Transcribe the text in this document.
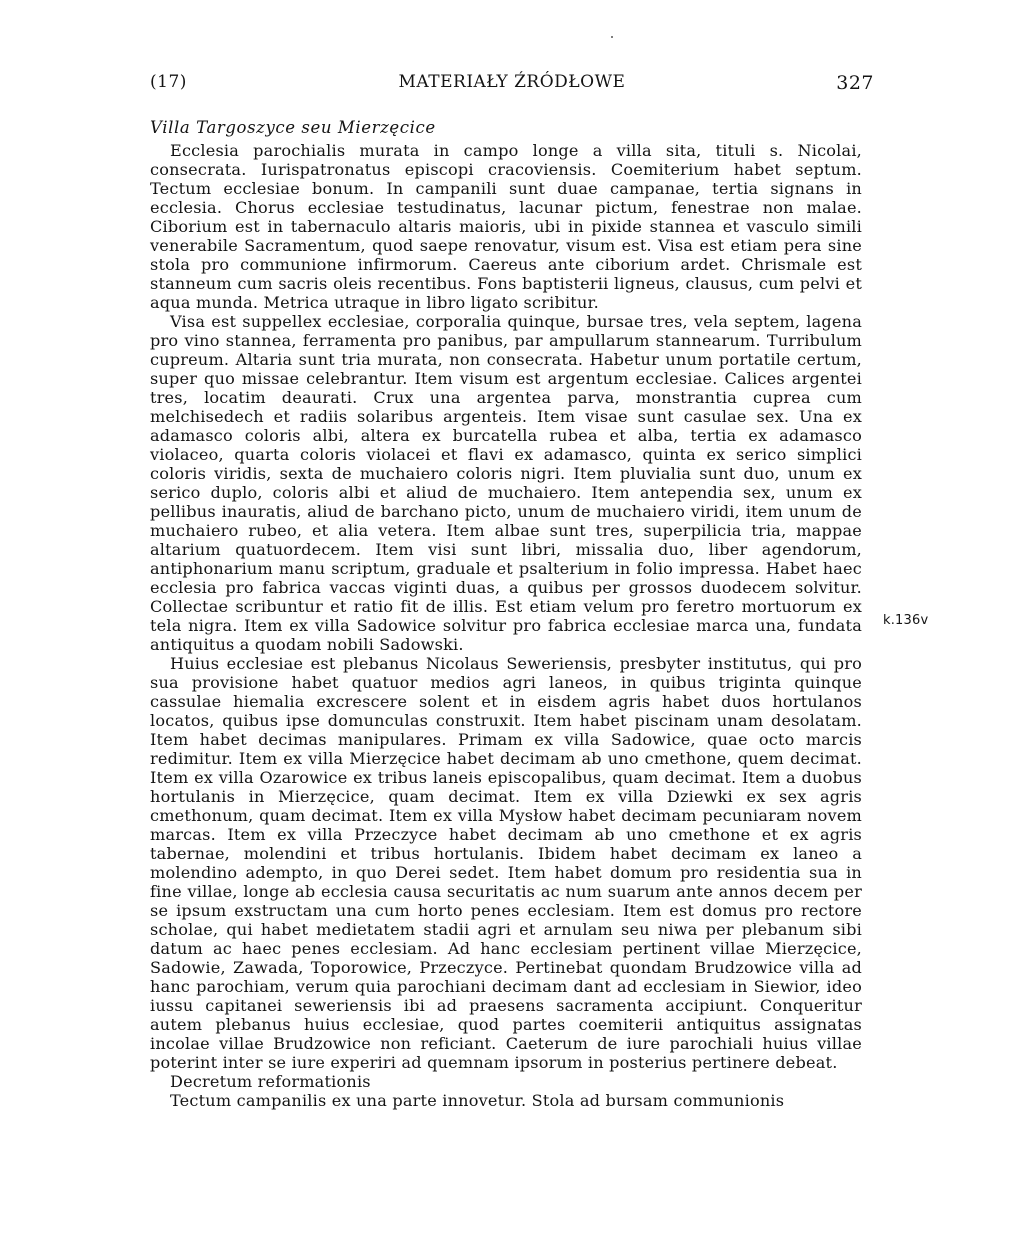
(17)	MATERIAŁY ŹRÓDŁOWE	327
Villa Targoszyce seu Mierzęcice

Ecclesia parochialis murata in campo longe a villa sita, tituli s. Nicolai, consecrata. Iurispatronatus episcopi cracoviensis. Coemiterium habet septum. Tectum ecclesiae bonum. In campanili sunt duae campanae, tertia signans in ecclesia. Chorus ecclesiae testudinatus, lacunar pictum, fenestrae non malae. Ciborium est in tabernaculo altaris maioris, ubi in pixide stannea et vasculo simili venerabile Sacramentum, quod saepe renovatur, visum est. Visa est etiam pera sine stola pro communione infirmorum. Caereus ante ciborium ardet. Chrismale est stanneum cum sacris oleis recentibus. Fons baptisterii ligneus, clausus, cum pelvi et aqua munda. Metrica utraque in libro ligato scribitur.

Visa est suppellex ecclesiae, corporalia quinque, bursae tres, vela septem, lagena pro vino stannea, ferramenta pro panibus, par ampullarum stannearum. Turribulum cupreum. Altaria sunt tria murata, non consecrata. Habetur unum portatile certum, super quo missae celebrantur. Item visum est argentum ecclesiae. Calices argentei tres, locatim deaurati. Crux una argentea parva, monstrantia cuprea cum melchisedech et radiis solaribus argenteis. Item visae sunt casulae sex. Una ex adamasco coloris albi, altera ex burcatella rubea et alba, tertia ex adamasco violaceo, quarta coloris violacei et flavi ex adamasco, quinta ex serico simplici coloris viridis, sexta de muchaiero coloris nigri. Item pluvialia sunt duo, unum ex serico duplo, coloris albi et aliud de muchaiero. Item antependia sex, unum ex pellibus inauratis, aliud de barchano picto, unum de muchaiero viridi, item unum de muchaiero rubeo, et alia vetera. Item albae sunt tres, superpilicia tria, mappae altarium quatuordecem. Item visi sunt libri, missalia duo, liber agendorum, antiphonarium manu scriptum, graduale et psalterium in folio impressa. Habet haec ecclesia pro fabrica vaccas viginti duas, a quibus per grossos duodecem solvitur. Collectae scribuntur et ratio fit de illis. Est etiam velum pro feretro mortuorum ex tela nigra. Item ex villa Sadowice solvitur pro fabrica ecclesiae marca una, fundata antiquitus a quodam nobili Sadowski.

Huius ecclesiae est plebanus Nicolaus Seweriensis, presbyter institutus, qui pro sua provisione habet quatuor medios agri laneos, in quibus triginta quinque cassulae hiemalia excrescere solent et in eisdem agris habet duos hortulanos locatos, quibus ipse domunculas construxit. Item habet piscinam unam desolatam. Item habet decimas manipulares. Primam ex villa Sadowice, quae octo marcis redimitur. Item ex villa Mierzęcice habet decimam ab uno cmethone, quem decimat. Item ex villa Ozarowice ex tribus laneis episcopalibus, quam decimat. Item a duobus hortulanis in Mierzęcice, quam decimat. Item ex villa Dziewki ex sex agris cmethonum, quam decimat. Item ex villa Mysłow habet decimam pecuniaram novem marcas. Item ex villa Przeczyce habet decimam ab uno cmethone et ex agris tabernae, molendini et tribus hortulanis. Ibidem habet decimam ex laneo a molendino adempto, in quo Derei sedet. Item habet domum pro residentia sua in fine villae, longe ab ecclesia causa securitatis ac num suarum ante annos decem per se ipsum exstructam una cum horto penes ecclesiam. Item est domus pro rectore scholae, qui habet medietatem stadii agri et arnulam seu niwa per plebanum sibi datum ac haec penes ecclesiam. Ad hanc ecclesiam pertinent villae Mierzęcice, Sadowie, Zawada, Toporowice, Przeczyce. Pertinebat quondam Brudzowice villa ad hanc parochiam, verum quia parochiani decimam dant ad ecclesiam in Siewior, ideo iussu capitanei seweriensis ibi ad praesens sacramenta accipiunt. Conqueritur autem plebanus huius ecclesiae, quod partes coemiterii antiquitus assignatas incolae villae Brudzowice non reficiant. Caeterum de iure parochiali huius villae poterint inter se iure experiri ad quemnam ipsorum in posterius pertinere debeat.

Decretum reformationis

Tectum campanilis ex una parte innovetur. Stola ad bursam communionis

k.136v
